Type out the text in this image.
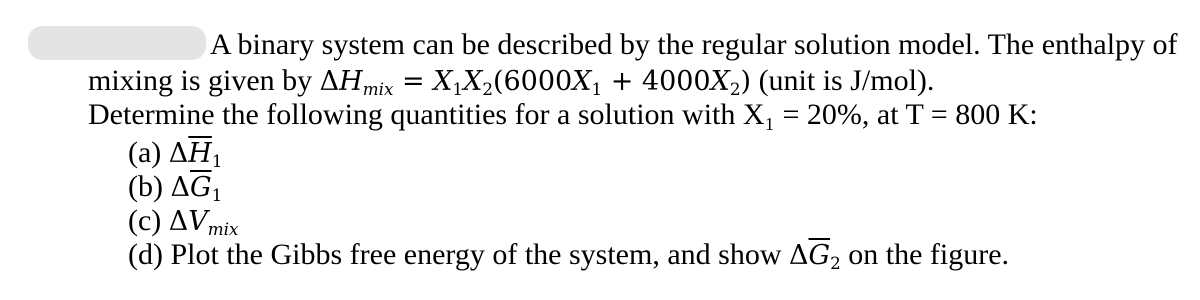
A binary system can be described by the regular solution model. The enthalpy of
mixing is given by $\Delta H_{mix} = X_1X_2(6000X_1 + 4000X_2)$ (unit is J/mol).
Determine the following quantities for a solution with X₁ = 20%, at T = 800 K:
(a) $\Delta\overline{H}_1$
(b) $\Delta\overline{G}_1$
(c) $\Delta V_{mix}$
(d) Plot the Gibbs free energy of the system, and show $\Delta\overline{G}_2$ on the figure.
